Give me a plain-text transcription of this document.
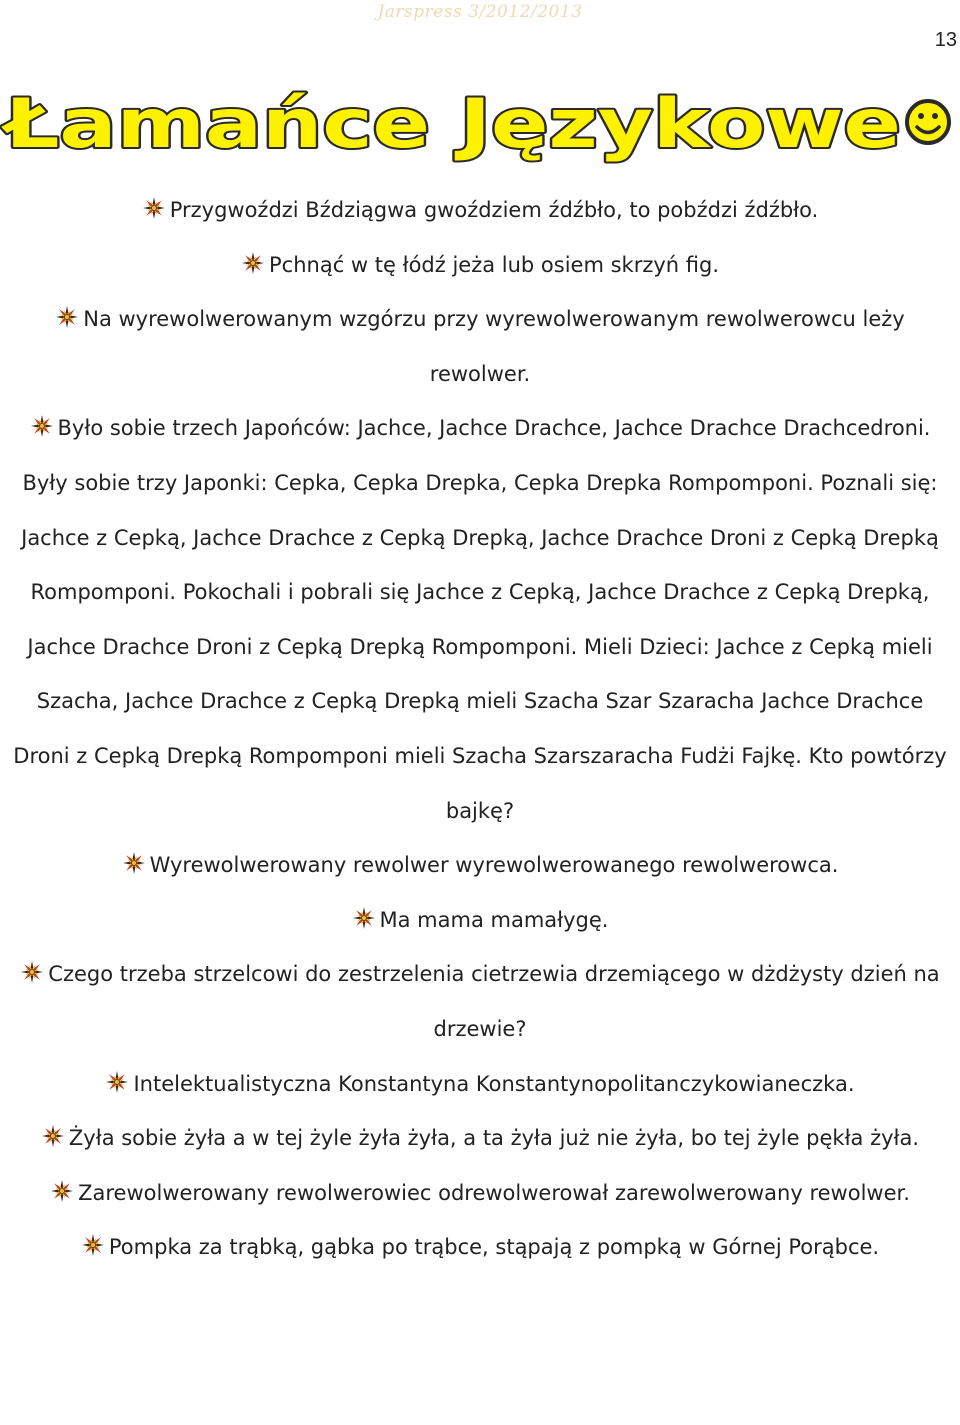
Jarspress 3/2012/2013
13
Łamańce Językowe
Przygwoździ Bździągwa gwoździem źdźbło, to pobździ źdźbło.
Pchnąć w tę łódź jeża lub osiem skrzyń fig.
Na wyrewolwerowanym wzgórzu przy wyrewolwerowanym rewolwerowcu leży rewolwer.
Było sobie trzech Japońców: Jachce, Jachce Drachce, Jachce Drachce Drachcedroni. Były sobie trzy Japonki: Cepka, Cepka Drepka, Cepka Drepka Rompomponi. Poznali się: Jachce z Cepką, Jachce Drachce z Cepką Drepką, Jachce Drachce Droni z Cepką Drepką Rompomponi. Pokochali i pobrali się Jachce z Cepką, Jachce Drachce z Cepką Drepką, Jachce Drachce Droni z Cepką Drepką Rompomponi. Mieli Dzieci: Jachce z Cepką mieli Szacha, Jachce Drachce z Cepką Drepką mieli Szacha Szar Szaracha Jachce Drachce Droni z Cepką Drepką Rompomponi mieli Szacha Szarszaracha Fudżi Fajkę. Kto powtórzy bajkę?
Wyrewolwerowany rewolwer wyrewolwerowanego rewolwerowca.
Ma mama mamałygę.
Czego trzeba strzelcowi do zestrzelenia cietrzewia drzemiącego w dżdżysty dzień na drzewie?
Intelektualistyczna Konstantyna Konstantynopolitanczykowianeczka.
Żyła sobie żyła a w tej żyle żyła żyła, a ta żyła już nie żyła, bo tej żyle pękła żyła.
Zarewolwerowany rewolwerowiec odrewolwerował zarewolwerowany rewolwer.
Pompka za trąbką, gąbka po trąbce, stąpają z pompką w Górnej Porąbce.
